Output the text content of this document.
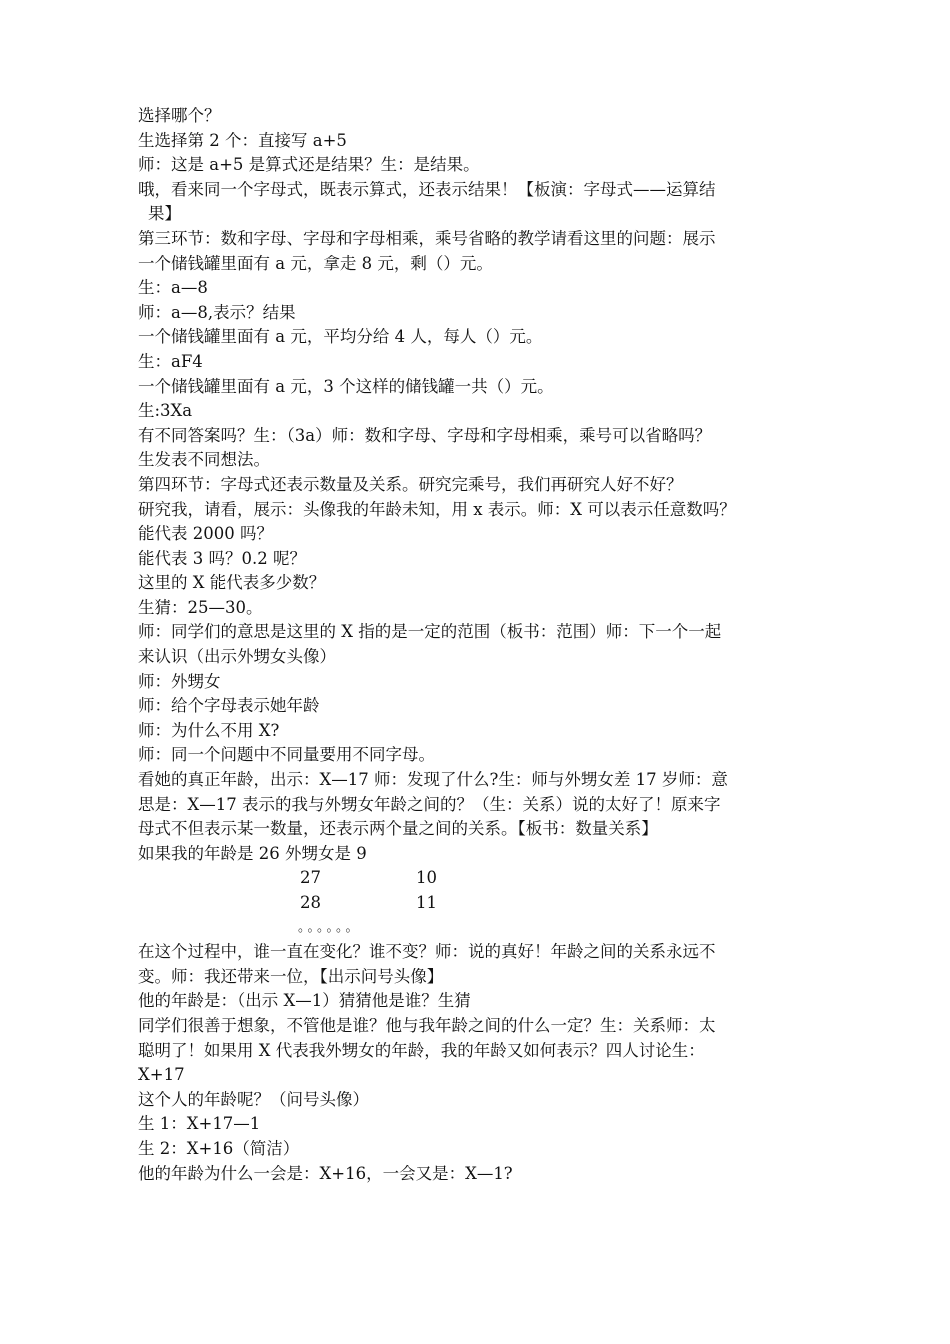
选择哪个？
生选择第 2 个：直接写 a+5
师：这是 a+5 是算式还是结果？生：是结果。
哦，看来同一个字母式，既表示算式，还表示结果！【板演：字母式——运算结
果】
第三环节：数和字母、字母和字母相乘，乘号省略的教学请看这里的问题：展示
一个储钱罐里面有 a 元，拿走 8 元，剩（）元。
生：a—8
师：a—8,表示？结果
一个储钱罐里面有 a 元，平均分给 4 人，每人（）元。
生：aF4
一个储钱罐里面有 a 元，3 个这样的储钱罐一共（）元。
生:3Xa
有不同答案吗？生：（3a）师：数和字母、字母和字母相乘，乘号可以省略吗？
生发表不同想法。
第四环节：字母式还表示数量及关系。研究完乘号，我们再研究人好不好？
研究我，请看，展示：头像我的年龄未知，用 x 表示。师：X 可以表示任意数吗？
能代表 2000 吗？
能代表 3 吗？0.2 呢？
这里的 X 能代表多少数？
生猜：25—30。
师：同学们的意思是这里的 X 指的是一定的范围（板书：范围）师：下一个一起
来认识（出示外甥女头像）
师：外甥女
师：给个字母表示她年龄
师：为什么不用 X?
师：同一个问题中不同量要用不同字母。
看她的真正年龄，出示：X—17 师：发现了什么?生：师与外甥女差 17 岁师：意
思是：X—17 表示的我与外甥女年龄之间的？（生：关系）说的太好了！原来字
母式不但表示某一数量，还表示两个量之间的关系。【板书：数量关系】
如果我的年龄是 26 外甥女是 9
27	10
28	11
。。。。。。
在这个过程中，谁一直在变化？谁不变？师：说的真好！年龄之间的关系永远不
变。师：我还带来一位，【出示问号头像】
他的年龄是：（出示 X—1）猜猜他是谁？生猜
同学们很善于想象，不管他是谁？他与我年龄之间的什么一定？生：关系师：太
聪明了！如果用 X 代表我外甥女的年龄，我的年龄又如何表示？四人讨论生：
X+17
这个人的年龄呢？（问号头像）
生 1：X+17—1
生 2：X+16（简洁）
他的年龄为什么一会是：X+16，一会又是：X—1?
